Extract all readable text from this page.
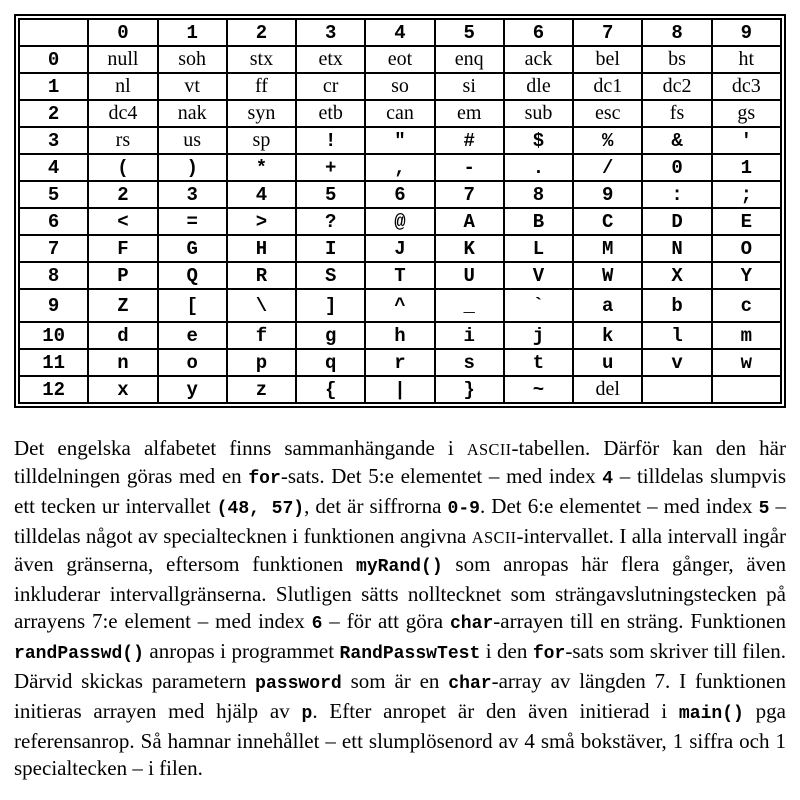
	0	1	2	3	4	5	6	7	8	9
0	null	soh	stx	etx	eot	enq	ack	bel	bs	ht
1	nl	vt	ff	cr	so	si	dle	dc1	dc2	dc3
2	dc4	nak	syn	etb	can	em	sub	esc	fs	gs
3	rs	us	sp	!	"	#	$	%	&	'
4	(	)	*	+	,	-	.	/	0	1
5	2	3	4	5	6	7	8	9	:	;
6	<	=	>	?	@	A	B	C	D	E
7	F	G	H	I	J	K	L	M	N	O
8	P	Q	R	S	T	U	V	W	X	Y
9	Z	[	\	]	^	_	`	a	b	c
10	d	e	f	g	h	i	j	k	l	m
11	n	o	p	q	r	s	t	u	v	w
12	x	y	z	{	|	}	~	del		

Det engelska alfabetet finns sammanhängande i ASCII-tabellen. Därför kan den här tilldelningen göras med en for-sats. Det 5:e elementet – med index 4 – tilldelas slumpvis ett tecken ur intervallet (48, 57), det är siffrorna 0-9. Det 6:e elementet – med index 5 – tilldelas något av specialtecknen i funktionen angivna ASCII-intervallet. I alla intervall ingår även gränserna, eftersom funktionen myRand() som anropas här flera gånger, även inkluderar intervallgränserna. Slutligen sätts nolltecknet som strängavslutningstecken på arrayens 7:e element – med index 6 – för att göra char-arrayen till en sträng. Funktionen randPasswd() anropas i programmet RandPasswTest i den for-sats som skriver till filen. Därvid skickas parametern password som är en char-array av längden 7. I funktionen initieras arrayen med hjälp av p. Efter anropet är den även initierad i main() pga referensanrop. Så hamnar innehållet – ett slumplösenord av 4 små bokstäver, 1 siffra och 1 specialtecken – i filen.
